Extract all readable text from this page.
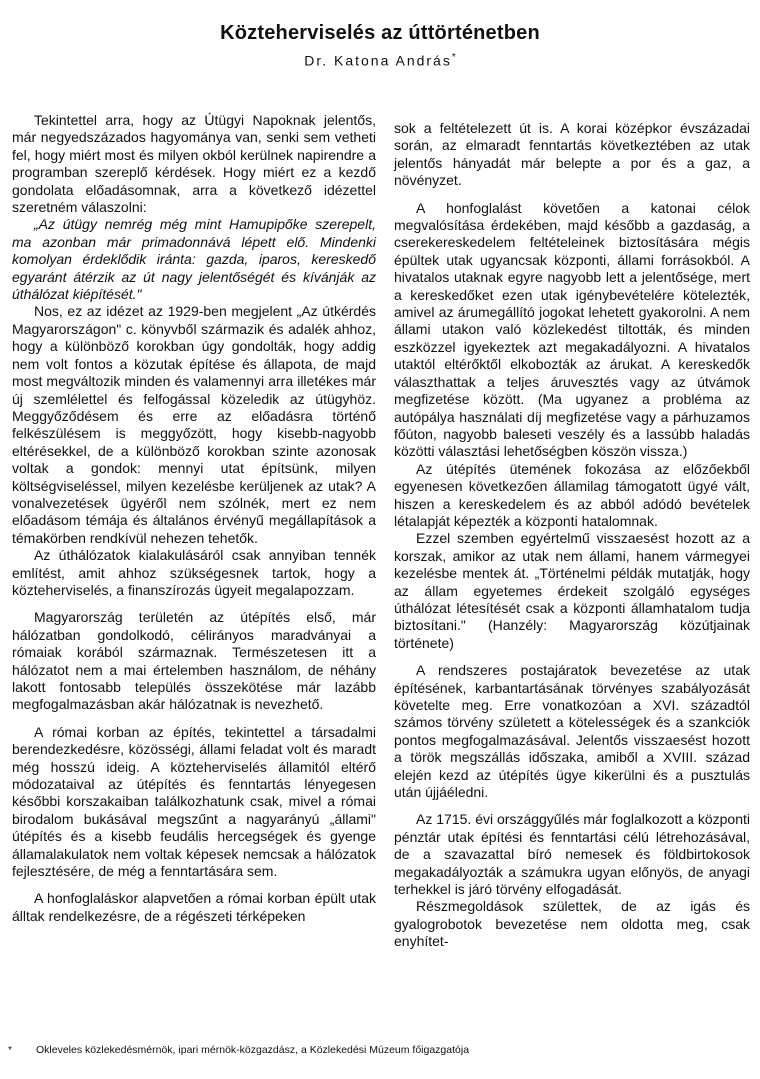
Közteherviselés az úttörténetben
Dr. Katona András*

Tekintettel arra, hogy az Útügyi Napoknak jelentős, már negyedszázados hagyománya van, senki sem vetheti fel, hogy miért most és milyen okból kerülnek napirendre a programban szereplő kérdések. Hogy miért ez a kezdő gondolata előadásomnak, arra a következő idézettel szeretném válaszolni:

„Az útügy nemrég még mint Hamupipőke szerepelt, ma azonban már primadonnává lépett elő. Mindenki komolyan érdeklődik iránta: gazda, iparos, kereskedő egyaránt átérzik az út nagy jelentőségét és kívánják az úthálózat kiépítését."

Nos, ez az idézet az 1929-ben megjelent „Az útkérdés Magyarországon" c. könyvből származik és adalék ahhoz, hogy a különböző korokban úgy gondolták, hogy addig nem volt fontos a közutak építése és állapota, de majd most megváltozik minden és valamennyi arra illetékes már új szemlélettel és felfogással közeledik az útügyhöz. Meggyőződésem és erre az előadásra történő felkészülésem is meggyőzött, hogy kisebb-nagyobb eltérésekkel, de a különböző korokban szinte azonosak voltak a gondok: mennyi utat építsünk, milyen költségviseléssel, milyen kezelésbe kerüljenek az utak? A vonalvezetések ügyéről nem szólnék, mert ez nem előadásom témája és általános érvényű megállapítások a témakörben rendkívül nehezen tehetők.

Az úthálózatok kialakulásáról csak annyiban tennék említést, amit ahhoz szükségesnek tartok, hogy a közteherviselés, a finanszírozás ügyeit megalapozzam.

Magyarország területén az útépítés első, már hálózatban gondolkodó, célirányos maradványai a rómaiak korából származnak. Természetesen itt a hálózatot nem a mai értelemben használom, de néhány lakott fontosabb település összekötése már lazább megfogalmazásban akár hálózatnak is nevezhető.

A római korban az építés, tekintettel a társadalmi berendezkedésre, közösségi, állami feladat volt és maradt még hosszú ideig. A közteherviselés államitól eltérő módozataival az útépítés és fenntartás lényegesen későbbi korszakaiban találkozhatunk csak, mivel a római birodalom bukásával megszűnt a nagyarányú „állami" útépítés és a kisebb feudális hercegségek és gyenge államalakulatok nem voltak képesek nemcsak a hálózatok fejlesztésére, de még a fenntartására sem.

A honfoglaláskor alapvetően a római korban épült utak álltak rendelkezésre, de a régészeti térképeken

sok a feltételezett út is. A korai középkor évszázadai során, az elmaradt fenntartás következtében az utak jelentős hányadát már belepte a por és a gaz, a növényzet.

A honfoglalást követően a katonai célok megvalósítása érdekében, majd később a gazdaság, a cserekereskedelem feltételeinek biztosítására mégis épültek utak ugyancsak központi, állami forrásokból. A hivatalos utaknak egyre nagyobb lett a jelentősége, mert a kereskedőket ezen utak igénybevételére kötelezték, amivel az árumegállító jogokat lehetett gyakorolni. A nem állami utakon való közlekedést tiltották, és minden eszközzel igyekeztek azt megakadályozni. A hivatalos utaktól eltérőktől elkobozták az árukat. A kereskedők választhattak a teljes áruvesztés vagy az útvámok megfizetése között. (Ma ugyanez a probléma az autópálya használati díj megfizetése vagy a párhuzamos főúton, nagyobb baleseti veszély és a lassúbb haladás közötti választási lehetőségben köszön vissza.)

Az útépítés ütemének fokozása az előzőekből egyenesen következően államilag támogatott ügyé vált, hiszen a kereskedelem és az abból adódó bevételek létalapját képezték a központi hatalomnak.

Ezzel szemben egyértelmű visszaesést hozott az a korszak, amikor az utak nem állami, hanem vármegyei kezelésbe mentek át. „Történelmi példák mutatják, hogy az állam egyetemes érdekeit szolgáló egységes úthálózat létesítését csak a központi államhatalom tudja biztosítani." (Hanzély: Magyarország közútjainak története)

A rendszeres postajáratok bevezetése az utak építésének, karbantartásának törvényes szabályozását követelte meg. Erre vonatkozóan a XVI. századtól számos törvény született a kötelességek és a szankciók pontos megfogalmazásával. Jelentős visszaesést hozott a török megszállás időszaka, amiből a XVIII. század elején kezd az útépítés ügye kikerülni és a pusztulás után újjáéledni.

Az 1715. évi országgyűlés már foglalkozott a központi pénztár utak építési és fenntartási célú létrehozásával, de a szavazattal bíró nemesek és földbirtokosok megakadályozták a számukra ugyan előnyös, de anyagi terhekkel is járó törvény elfogadását.

Részmegoldások születtek, de az igás és gyalogrobotok bevezetése nem oldotta meg, csak enyhítet-

* Okleveles közlekedésmérnök, ipari mérnök-közgazdász, a Közlekedési Múzeum főigazgatója
